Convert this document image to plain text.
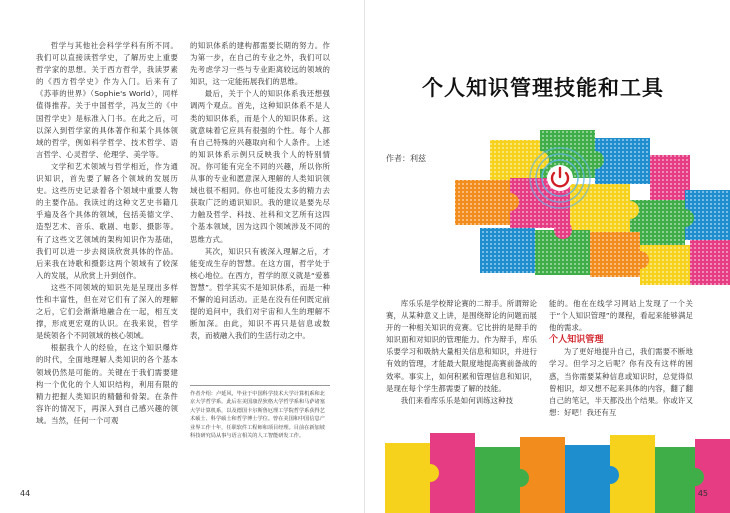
哲学与其他社会科学学科有所不同。我们可以直接读哲学史，了解历史上重要哲学家的思想。关于西方哲学，我读罗素的《西方哲学史》作为入门。后来有了《苏菲的世界》（Sophie's World），同样值得推荐。关于中国哲学，冯友兰的《中国哲学史》是标准入门书。在此之后，可以深入到哲学家的具体著作和某个具体领域的哲学，例如科学哲学、技术哲学、语言哲学、心灵哲学、伦理学、美学等。

文学和艺术领域与哲学相近，作为通识知识，首先要了解各个领域的发展历史。这些历史记录着各个领域中重要人物的主要作品。我读过的这种文艺史书籍几乎遍及各个具体的领域，包括美德文学、造型艺术、音乐、歌剧、电影、摄影等。有了这些文艺领域的架构知识作为基础，我们可以进一步去阅读欣赏具体的作品。后来我在诗歌和摄影这两个领域有了较深入的发展，从欣赏上升到创作。

这些不同领域的知识先是呈现出多样性和丰富性，但在对它们有了深入的理解之后，它们会渐渐地融合在一起，相互支撑，形成更宏观的认识。在我来说，哲学是统领各个不同领域的核心领域。

根据我个人的经验，在这个知识爆炸的时代，全面地理解人类知识的各个基本领域仍然是可能的。关键在于我们需要建构一个优化的个人知识结构，利用有限的精力把握人类知识的精髓和骨架。在条件容许的情况下，再深入到自己感兴趣的领域。当然，任何一个可观

的知识体系的建构都需要长期的努力。作为第一步，在自己的专业之外，我们可以先考虑学习一些与专业距离较远的领域的知识，这一定能拓展我们的思维。

最后，关于个人的知识体系我还想强调两个观点。首先，这种知识体系不是人类的知识体系，而是个人的知识体系。这就意味着它应具有很强的个性。每个人都有自己特殊的兴趣取向和个人条件。上述的知识体系示例只反映我个人的特别情况。你可能有完全不同的兴趣，所以你所从事的专业和愿意深入理解的人类知识领域也很不相同。你也可能没太多的精力去获取广泛的通识知识。我的建议是要先尽力触及哲学、科技、社科和文艺所有这四个基本领域，因为这四个领域涉及不同的思维方式。

其次，知识只有被深入理解之后，才能变成生存的智慧。在这方面，哲学处于核心地位。在西方，哲学的原义就是“爱慕智慧”。哲学其实不是知识体系，而是一种不懈的追问活动。正是在没有任何既定前提的追问中，我们对宇宙和人生的理解不断加深。由此，知识不再只是信息或数表，而被融入我们的生活行动之中。

作者介绍：卢延风，毕业于中国科学技术大学计算机系和北京大学哲学系。此后在美国康涅狄格大学哲学系和马萨诸塞大学计算机系，以及德国卡尔斯鲁厄理工学院哲学系获得艺术硕士、科学硕士和哲学博士学位。曾在美国和中国信息产业界工作十年，任职软件工程师和项目经理。目前在新加坡科技研究局从事与语言相关的人工智能研发工作。
44
个人知识管理技能和工具
作者：利兹

库乐乐是学校辩论赛的二辩手。所谓辩论赛，从某种意义上讲，是围绕辩论的问题而展开的一种相关知识的竞赛。它比拼的是辩手的知识面和对知识的管理能力。作为辩手，库乐乐要学习和吸纳大量相关信息和知识，并进行有效的管理，才能最大限度地提高赛前备战的效率。事实上，如何积累和管理信息和知识，是现在每个学生都需要了解的技能。

我们来看库乐乐是如何训练这种技

能的。他在在线学习网站上发现了一个关于“个人知识管理”的课程，看起来能够满足他的需求。

个人知识管理

为了更好地提升自己，我们需要不断地学习。但学习之后呢？你有没有这样的困惑，当你需要某种信息或知识时，总觉得似曾相识，却又想不起来具体的内容，翻了翻自己的笔记，半天都没出个结果。你或许又想：好吧！我还有互

45
